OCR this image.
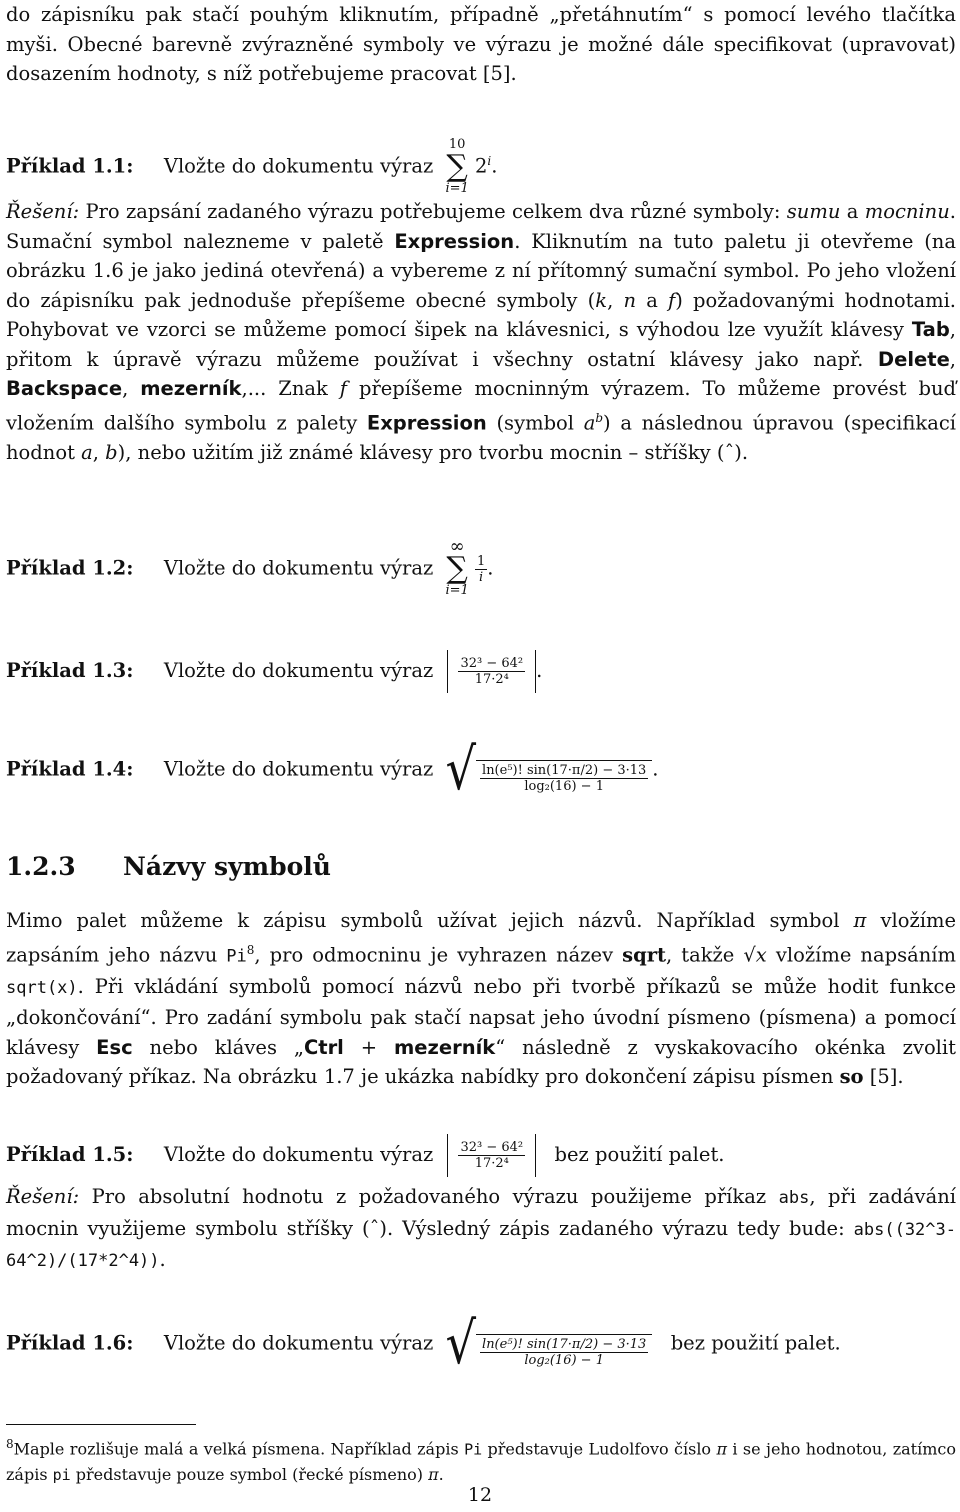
do zápisníku pak stačí pouhým kliknutím, případně „přetáhnutím“ s pomocí levého tlačítka myši. Obecné barevně zvýrazněné symboly ve výrazu je možné dále specifikovat (upravovat) dosazením hodnoty, s níž potřebujeme pracovat [5].

Příklad 1.1: Vložte do dokumentu výraz
10
∑
i=1
2$^i$.

Řešení: Pro zapsání zadaného výrazu potřebujeme celkem dva různé symboly: sumu a mocninu. Sumační symbol nalezneme v paletě Expression. Kliknutím na tuto paletu ji otevřeme (na obrázku 1.6 je jako jediná otevřená) a vybereme z ní přítomný sumační symbol. Po jeho vložení do zápisníku pak jednoduše přepíšeme obecné symboly (k, n a f) požadovanými hodnotami. Pohybovat ve vzorci se můžeme pomocí šipek na klávesnici, s výhodou lze využít klávesy Tab, přitom k úpravě výrazu můžeme používat i všechny ostatní klávesy jako např. Delete, Backspace, mezerník,... Znak f přepíšeme mocninným výrazem. To můžeme provést buď vložením dalšího symbolu z palety Expression (symbol $a^b$) a následnou úpravou (specifikací hodnot a, b), nebo užitím již známé klávesy pro tvorbu mocnin – stříšky (ˆ).

Příklad 1.2: Vložte do dokumentu výraz
∞
∑
i=1

$\frac{1}{i}$ .
Příklad 1.3: Vložte do dokumentu výraz $\frac{\text{32³ − 64²}}{\text{17·2⁴}}$ .
Příklad 1.4: Vložte do dokumentu výraz √ $\frac{\text{ln(e⁵)! sin(17·π/2) − 3·13}}{\text{log₂(16) − 1}}$ .
1.2.3 Názvy symbolů

Mimo palet můžeme k zápisu symbolů užívat jejich názvů. Například symbol π vložíme zapsáním jeho názvu Pi$^8$, pro odmocninu je vyhrazen název sqrt, takže √x vložíme napsáním sqrt(x). Při vkládání symbolů pomocí názvů nebo při tvorbě příkazů se může hodit funkce „dokončování“. Pro zadání symbolu pak stačí napsat jeho úvodní písmeno (písmena) a pomocí klávesy Esc nebo kláves „Ctrl + mezerník“ následně z vyskakovacího okénka zvolit požadovaný příkaz. Na obrázku 1.7 je ukázka nabídky pro dokončení zápisu písmen so [5].

Příklad 1.5: Vložte do dokumentu výraz $\frac{\text{32³ − 64²}}{\text{17·2⁴}}$ bez použití palet.

Řešení: Pro absolutní hodnotu z požadovaného výrazu použijeme příkaz abs, při zadávání mocnin využijeme symbolu stříšky (ˆ). Výsledný zápis zadaného výrazu tedy bude: abs((32^3-64^2)/(17*2^4)).

Příklad 1.6: Vložte do dokumentu výraz √ $\frac{\text{ln(e⁵)! sin(17·π/2) − 3·13}}{\text{log₂(16) − 1}}$ bez použití palet.
$^8$Maple rozlišuje malá a velká písmena. Například zápis Pi představuje Ludolfovo číslo π i se jeho hodnotou, zatímco zápis pi představuje pouze symbol (řecké písmeno) π.
12
